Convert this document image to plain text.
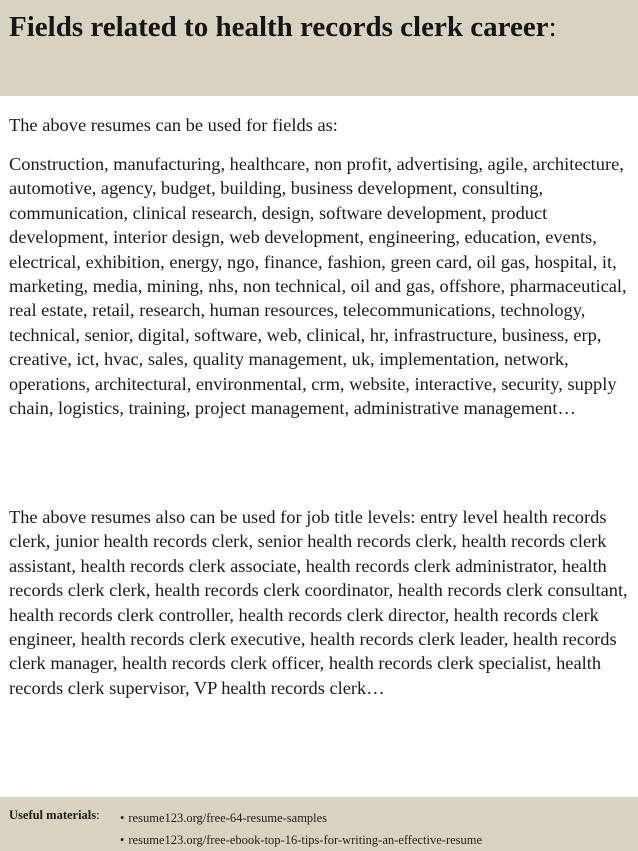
Fields related to health records clerk career:

The above resumes can be used for fields as:

Construction, manufacturing, healthcare, non profit, advertising, agile, architecture, automotive, agency, budget, building, business development, consulting, communication, clinical research, design, software development, product development, interior design, web development, engineering, education, events, electrical, exhibition, energy, ngo, finance, fashion, green card, oil gas, hospital, it, marketing, media, mining, nhs, non technical, oil and gas, offshore, pharmaceutical, real estate, retail, research, human resources, telecommunications, technology, technical, senior, digital, software, web, clinical, hr, infrastructure, business, erp, creative, ict, hvac, sales, quality management, uk, implementation, network, operations, architectural, environmental, crm, website, interactive, security, supply chain, logistics, training, project management, administrative management…

The above resumes also can be used for job title levels: entry level health records clerk, junior health records clerk, senior health records clerk, health records clerk assistant, health records clerk associate, health records clerk administrator, health records clerk clerk, health records clerk coordinator, health records clerk consultant, health records clerk controller, health records clerk director, health records clerk engineer, health records clerk executive, health records clerk leader, health records clerk manager, health records clerk officer, health records clerk specialist, health records clerk supervisor, VP health records clerk…

Useful materials: • resume123.org/free-64-resume-samples
• resume123.org/free-ebook-top-16-tips-for-writing-an-effective-resume
